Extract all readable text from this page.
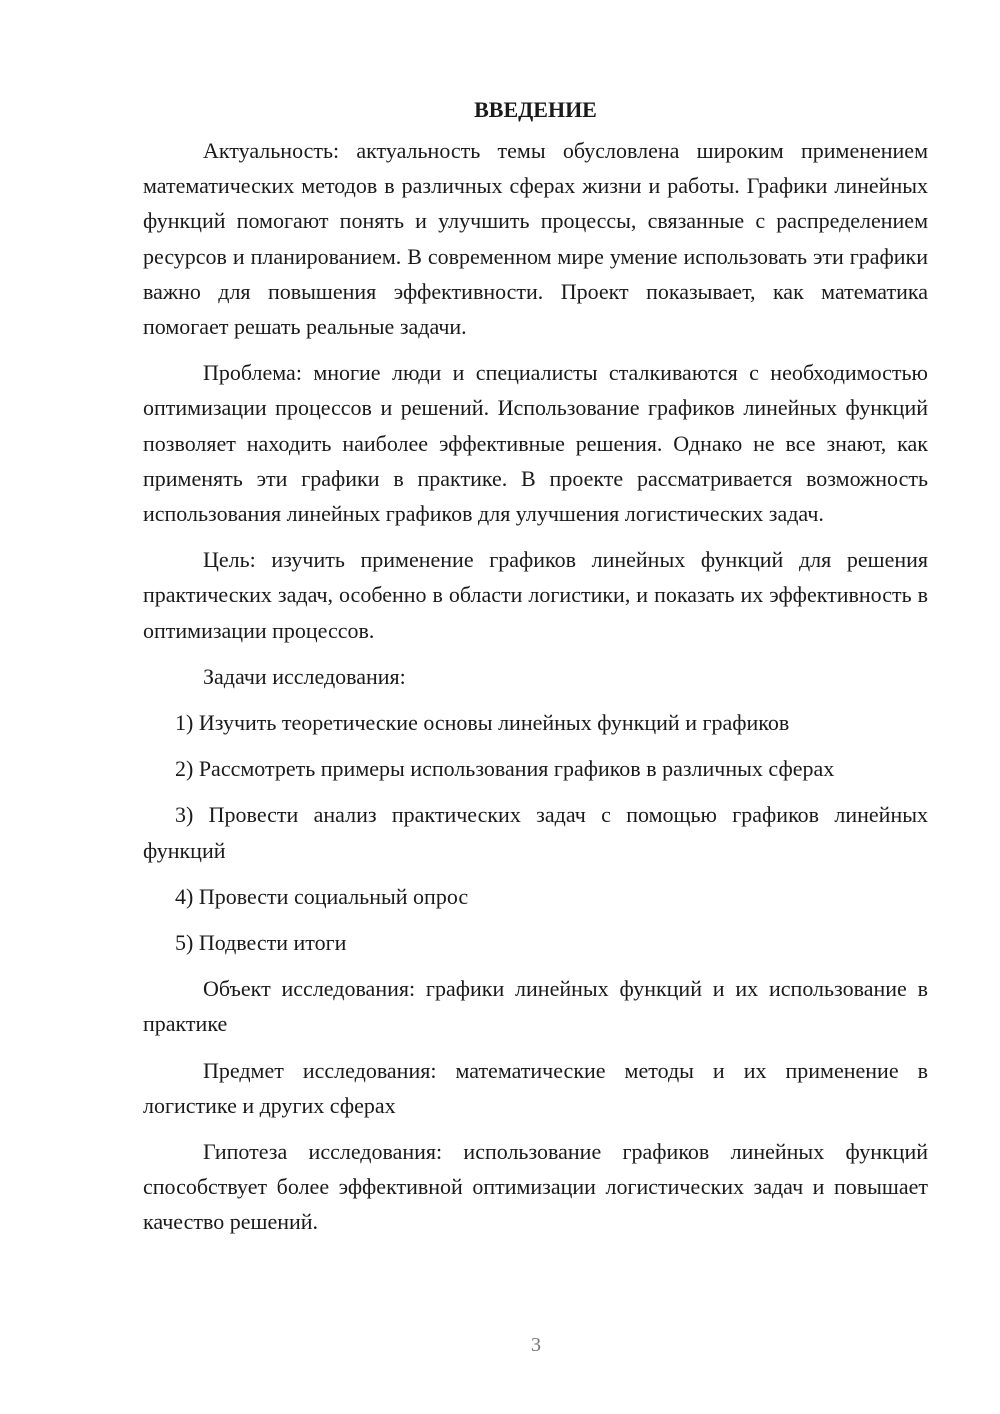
ВВЕДЕНИЕ

Актуальность: актуальность темы обусловлена широким применением математических методов в различных сферах жизни и работы. Графики линейных функций помогают понять и улучшить процессы, связанные с распределением ресурсов и планированием. В современном мире умение использовать эти графики важно для повышения эффективности. Проект показывает, как математика помогает решать реальные задачи.

Проблема: многие люди и специалисты сталкиваются с необходимостью оптимизации процессов и решений. Использование графиков линейных функций позволяет находить наиболее эффективные решения. Однако не все знают, как применять эти графики в практике. В проекте рассматривается возможность использования линейных графиков для улучшения логистических задач.

Цель: изучить применение графиков линейных функций для решения практических задач, особенно в области логистики, и показать их эффективность в оптимизации процессов.

Задачи исследования:

1) Изучить теоретические основы линейных функций и графиков

2) Рассмотреть примеры использования графиков в различных сферах

3) Провести анализ практических задач с помощью графиков линейных функций

4) Провести социальный опрос

5) Подвести итоги

Объект исследования: графики линейных функций и их использование в практике

Предмет исследования: математические методы и их применение в логистике и других сферах

Гипотеза исследования: использование графиков линейных функций способствует более эффективной оптимизации логистических задач и повышает качество решений.

3
